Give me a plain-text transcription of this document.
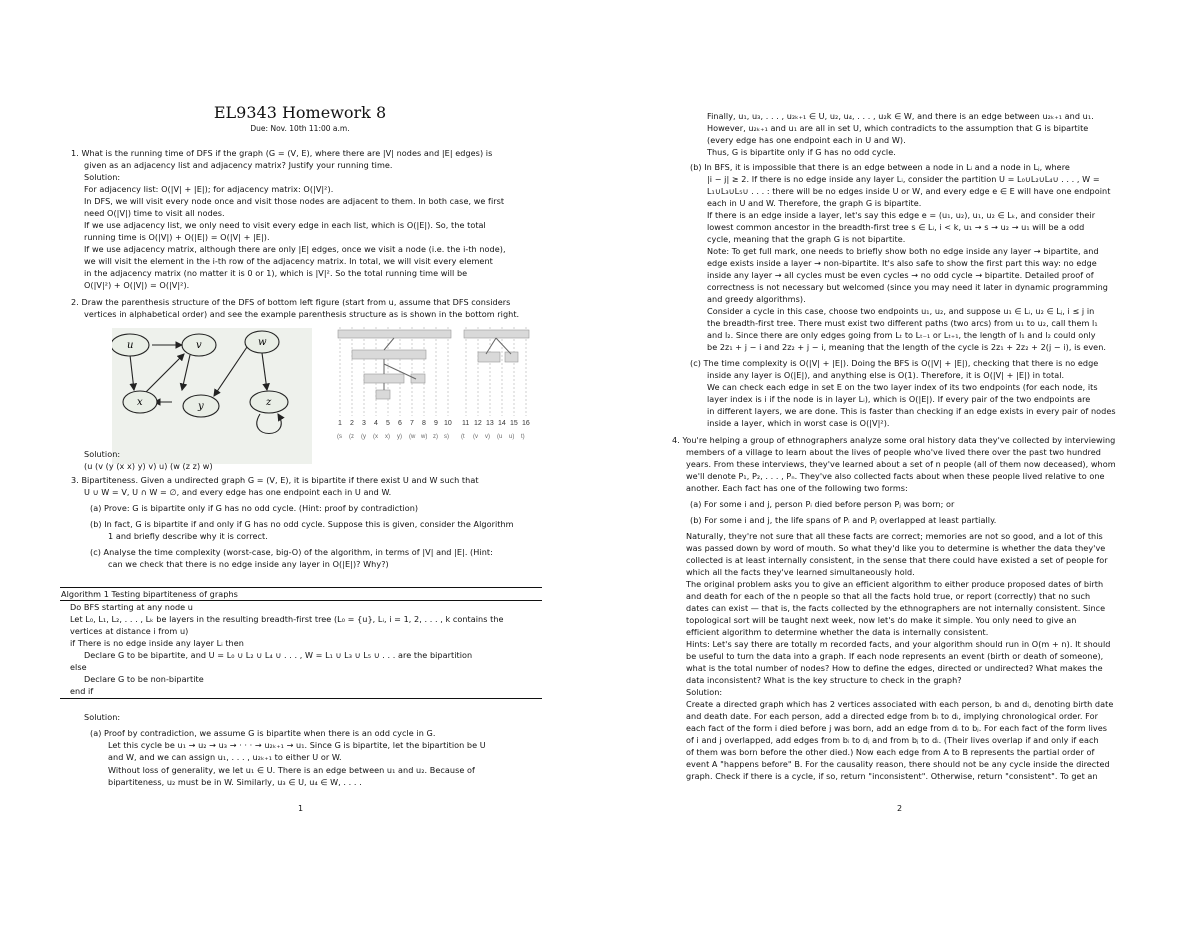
EL9343 Homework 8
Due: Nov. 10th 11:00 a.m.
1. What is the running time of DFS if the graph (G = (V, E), where there are |V| nodes and |E| edges) is
given as an adjacency list and adjacency matrix? Justify your running time.
Solution:
For adjacency list: O(|V| + |E|); for adjacency matrix: O(|V|²).
In DFS, we will visit every node once and visit those nodes are adjacent to them. In both case, we first
need O(|V|) time to visit all nodes.
If we use adjacency list, we only need to visit every edge in each list, which is O(|E|). So, the total
running time is O(|V|) + O(|E|) = O(|V| + |E|).
If we use adjacency matrix, although there are only |E| edges, once we visit a node (i.e. the i-th node),
we will visit the element in the i-th row of the adjacency matrix. In total, we will visit every element
in the adjacency matrix (no matter it is 0 or 1), which is |V|². So the total running time will be
O(|V|²) + O(|V|) = O(|V|²).
2. Draw the parenthesis structure of the DFS of bottom left figure (start from u, assume that DFS considers
vertices in alphabetical order) and see the example parenthesis structure as is shown in the bottom right.
u	v	w
x	y	z
1 2 3 4 5 6 7 8 9 10 11 12 13 14 15 16
(s (z (y (x x) y) (w w) z) s) (t (v v) (u u) t)
Solution:
(u (v (y (x x) y) v) u) (w (z z) w)
3. Bipartiteness. Given a undirected graph G = (V, E), it is bipartite if there exist U and W such that
U ∪ W = V, U ∩ W = ∅, and every edge has one endpoint each in U and W.
(a) Prove: G is bipartite only if G has no odd cycle. (Hint: proof by contradiction)
(b) In fact, G is bipartite if and only if G has no odd cycle. Suppose this is given, consider the Algorithm
1 and briefly describe why it is correct.
(c) Analyse the time complexity (worst-case, big-O) of the algorithm, in terms of |V| and |E|. (Hint:
can we check that there is no edge inside any layer in O(|E|)? Why?)
Algorithm 1 Testing bipartiteness of graphs
Do BFS starting at any node u
Let L₀, L₁, L₂, . . . , Lₖ be layers in the resulting breadth-first tree (L₀ = {u}, Lᵢ, i = 1, 2, . . . , k contains the
vertices at distance i from u)
if There is no edge inside any layer Lᵢ then
Declare G to be bipartite, and U = L₀ ∪ L₂ ∪ L₄ ∪ . . . , W = L₁ ∪ L₃ ∪ L₅ ∪ . . . are the bipartition
else
Declare G to be non-bipartite
end if
Solution:
(a) Proof by contradiction, we assume G is bipartite when there is an odd cycle in G.
Let this cycle be u₁ → u₂ → u₃ → · · · → u₂ₖ₊₁ → u₁. Since G is bipartite, let the bipartition be U
and W, and we can assign u₁, . . . , u₂ₖ₊₁ to either U or W.
Without loss of generality, we let u₁ ∈ U. There is an edge between u₁ and u₂. Because of
bipartiteness, u₂ must be in W. Similarly, u₃ ∈ U, u₄ ∈ W, . . . .
1
Finally, u₁, u₃, . . . , u₂ₖ₊₁ ∈ U, u₂, u₄, . . . , u₂k ∈ W, and there is an edge between u₂ₖ₊₁ and u₁.
However, u₂ₖ₊₁ and u₁ are all in set U, which contradicts to the assumption that G is bipartite
(every edge has one endpoint each in U and W).
Thus, G is bipartite only if G has no odd cycle.
(b) In BFS, it is impossible that there is an edge between a node in Lᵢ and a node in Lⱼ, where
|i − j| ≥ 2. If there is no edge inside any layer Lᵢ, consider the partition U = L₀∪L₂∪L₄∪ . . . , W =
L₁∪L₃∪L₅∪ . . . : there will be no edges inside U or W, and every edge e ∈ E will have one endpoint
each in U and W. Therefore, the graph G is bipartite.
If there is an edge inside a layer, let's say this edge e = (u₁, u₂), u₁, u₂ ∈ Lₖ, and consider their
lowest common ancestor in the breadth-first tree s ∈ Lᵢ, i < k, u₁ → s → u₂ → u₁ will be a odd
cycle, meaning that the graph G is not bipartite.
Note: To get full mark, one needs to briefly show both no edge inside any layer → bipartite, and
edge exists inside a layer → non-bipartite. It's also safe to show the first part this way: no edge
inside any layer → all cycles must be even cycles → no odd cycle → bipartite. Detailed proof of
correctness is not necessary but welcomed (since you may need it later in dynamic programming
and greedy algorithms).
Consider a cycle in this case, choose two endpoints u₁, u₂, and suppose u₁ ∈ Lᵢ, u₂ ∈ Lⱼ, i ≤ j in
the breadth-first tree. There must exist two different paths (two arcs) from u₁ to u₂, call them l₁
and l₂. Since there are only edges going from Lₜ to Lₜ₋₁ or Lₜ₊₁, the length of l₁ and l₂ could only
be 2z₁ + j − i and 2z₂ + j − i, meaning that the length of the cycle is 2z₁ + 2z₂ + 2(j − i), is even.
(c) The time complexity is O(|V| + |E|). Doing the BFS is O(|V| + |E|), checking that there is no edge
inside any layer is O(|E|), and anything else is O(1). Therefore, it is O(|V| + |E|) in total.
We can check each edge in set E on the two layer index of its two endpoints (for each node, its
layer index is i if the node is in layer Lᵢ), which is O(|E|). If every pair of the two endpoints are
in different layers, we are done. This is faster than checking if an edge exists in every pair of nodes
inside a layer, which in worst case is O(|V|²).
4. You're helping a group of ethnographers analyze some oral history data they've collected by interviewing
members of a village to learn about the lives of people who've lived there over the past two hundred
years. From these interviews, they've learned about a set of n people (all of them now deceased), whom
we'll denote P₁, P₂, . . . , Pₙ. They've also collected facts about when these people lived relative to one
another. Each fact has one of the following two forms:
(a) For some i and j, person Pᵢ died before person Pⱼ was born; or
(b) For some i and j, the life spans of Pᵢ and Pⱼ overlapped at least partially.
Naturally, they're not sure that all these facts are correct; memories are not so good, and a lot of this
was passed down by word of mouth. So what they'd like you to determine is whether the data they've
collected is at least internally consistent, in the sense that there could have existed a set of people for
which all the facts they've learned simultaneously hold.
The original problem asks you to give an efficient algorithm to either produce proposed dates of birth
and death for each of the n people so that all the facts hold true, or report (correctly) that no such
dates can exist — that is, the facts collected by the ethnographers are not internally consistent. Since
topological sort will be taught next week, now let's do make it simple. You only need to give an
efficient algorithm to determine whether the data is internally consistent.
Hints: Let's say there are totally m recorded facts, and your algorithm should run in O(m + n). It should
be useful to turn the data into a graph. If each node represents an event (birth or death of someone),
what is the total number of nodes? How to define the edges, directed or undirected? What makes the
data inconsistent? What is the key structure to check in the graph?
Solution:
Create a directed graph which has 2 vertices associated with each person, bᵢ and dᵢ, denoting birth date
and death date. For each person, add a directed edge from bᵢ to dᵢ, implying chronological order. For
each fact of the form i died before j was born, add an edge from dᵢ to bⱼ. For each fact of the form lives
of i and j overlapped, add edges from bᵢ to dⱼ and from bⱼ to dᵢ. (Their lives overlap if and only if each
of them was born before the other died.) Now each edge from A to B represents the partial order of
event A "happens before" B. For the causality reason, there should not be any cycle inside the directed
graph. Check if there is a cycle, if so, return "inconsistent". Otherwise, return "consistent". To get an
2
